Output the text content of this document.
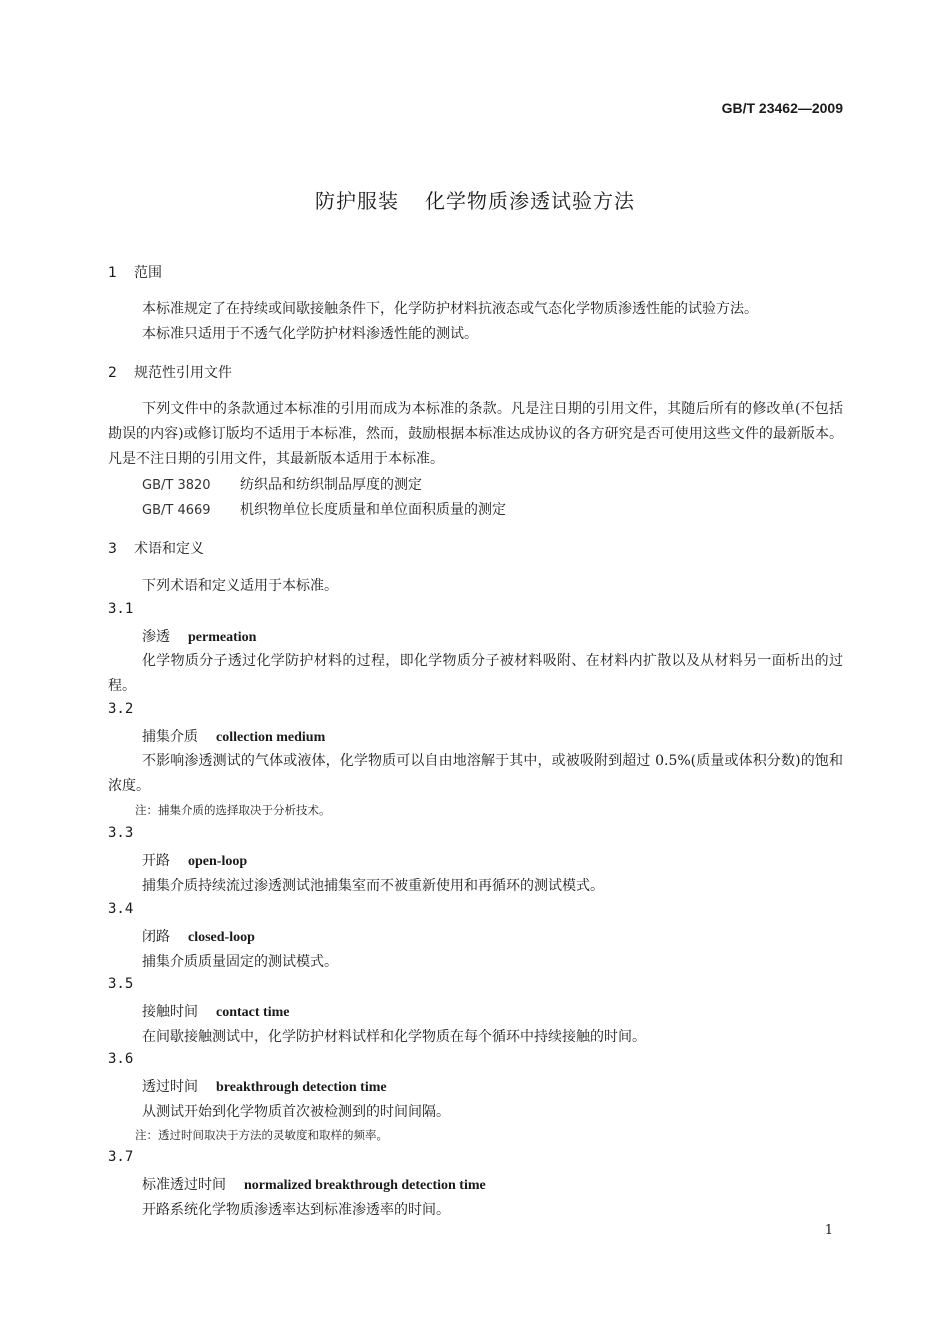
GB/T 23462—2009
防护服装 化学物质渗透试验方法
1 范围
本标准规定了在持续或间歇接触条件下，化学防护材料抗液态或气态化学物质渗透性能的试验方法。
本标准只适用于不透气化学防护材料渗透性能的测试。
2 规范性引用文件
下列文件中的条款通过本标准的引用而成为本标准的条款。凡是注日期的引用文件，其随后所有的修改单(不包括勘误的内容)或修订版均不适用于本标准，然而，鼓励根据本标准达成协议的各方研究是否可使用这些文件的最新版本。凡是不注日期的引用文件，其最新版本适用于本标准。
GB/T 3820 纺织品和纺织制品厚度的测定
GB/T 4669 机织物单位长度质量和单位面积质量的测定
3 术语和定义
下列术语和定义适用于本标准。
3.1
渗透 permeation
化学物质分子透过化学防护材料的过程，即化学物质分子被材料吸附、在材料内扩散以及从材料另一面析出的过程。
3.2
捕集介质 collection medium
不影响渗透测试的气体或液体，化学物质可以自由地溶解于其中，或被吸附到超过 0.5%(质量或体积分数)的饱和浓度。
注：捕集介质的选择取决于分析技术。
3.3
开路 open-loop
捕集介质持续流过渗透测试池捕集室而不被重新使用和再循环的测试模式。
3.4
闭路 closed-loop
捕集介质质量固定的测试模式。
3.5
接触时间 contact time
在间歇接触测试中，化学防护材料试样和化学物质在每个循环中持续接触的时间。
3.6
透过时间 breakthrough detection time
从测试开始到化学物质首次被检测到的时间间隔。
注：透过时间取决于方法的灵敏度和取样的频率。
3.7
标准透过时间 normalized breakthrough detection time
开路系统化学物质渗透率达到标准渗透率的时间。
1
